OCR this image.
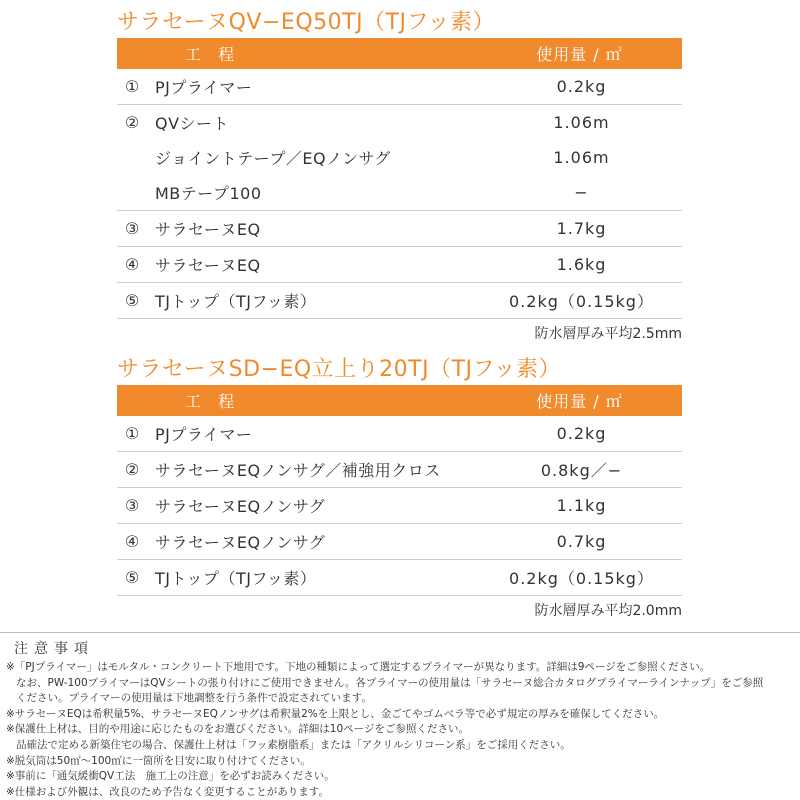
サラセーヌQV−EQ50TJ（TJフッ素）
工 程	使用量 / ㎡
① PJプライマー	0.2kg
② QVシート	1.06m
ジョイントテープ／EQノンサグ	1.06m
MBテープ100	−
③ サラセーヌEQ	1.7kg
④ サラセーヌEQ	1.6kg
⑤ TJトップ（TJフッ素）	0.2kg（0.15kg）
防水層厚み平均2.5mm
サラセーヌSD−EQ立上り20TJ（TJフッ素）
工 程	使用量 / ㎡
① PJプライマー	0.2kg
② サラセーヌEQノンサグ／補強用クロス	0.8kg／−
③ サラセーヌEQノンサグ	1.1kg
④ サラセーヌEQノンサグ	0.7kg
⑤ TJトップ（TJフッ素）	0.2kg（0.15kg）
防水層厚み平均2.0mm
注意事項
※「PJプライマー」はモルタル・コンクリート下地用です。下地の種類によって選定するプライマーが異なります。詳細は9ページをご参照ください。
なお、PW-100プライマーはQVシートの張り付けにご使用できません。各プライマーの使用量は「サラセーヌ総合カタログプライマーラインナップ」をご参照
ください。プライマーの使用量は下地調整を行う条件で設定されています。
※サラセーヌEQは希釈量5%、サラセーヌEQノンサグは希釈量2%を上限とし、金ごてやゴムベラ等で必ず規定の厚みを確保してください。
※保護仕上材は、目的や用途に応じたものをお選びください。詳細は10ページをご参照ください。
品確法で定める新築住宅の場合、保護仕上材は「フッ素樹脂系」または「アクリルシリコーン系」をご採用ください。
※脱気筒は50㎡〜100㎡に一箇所を目安に取り付けてください。
※事前に「通気緩衝QV工法　施工上の注意」を必ずお読みください。
※仕様および外観は、改良のため予告なく変更することがあります。
